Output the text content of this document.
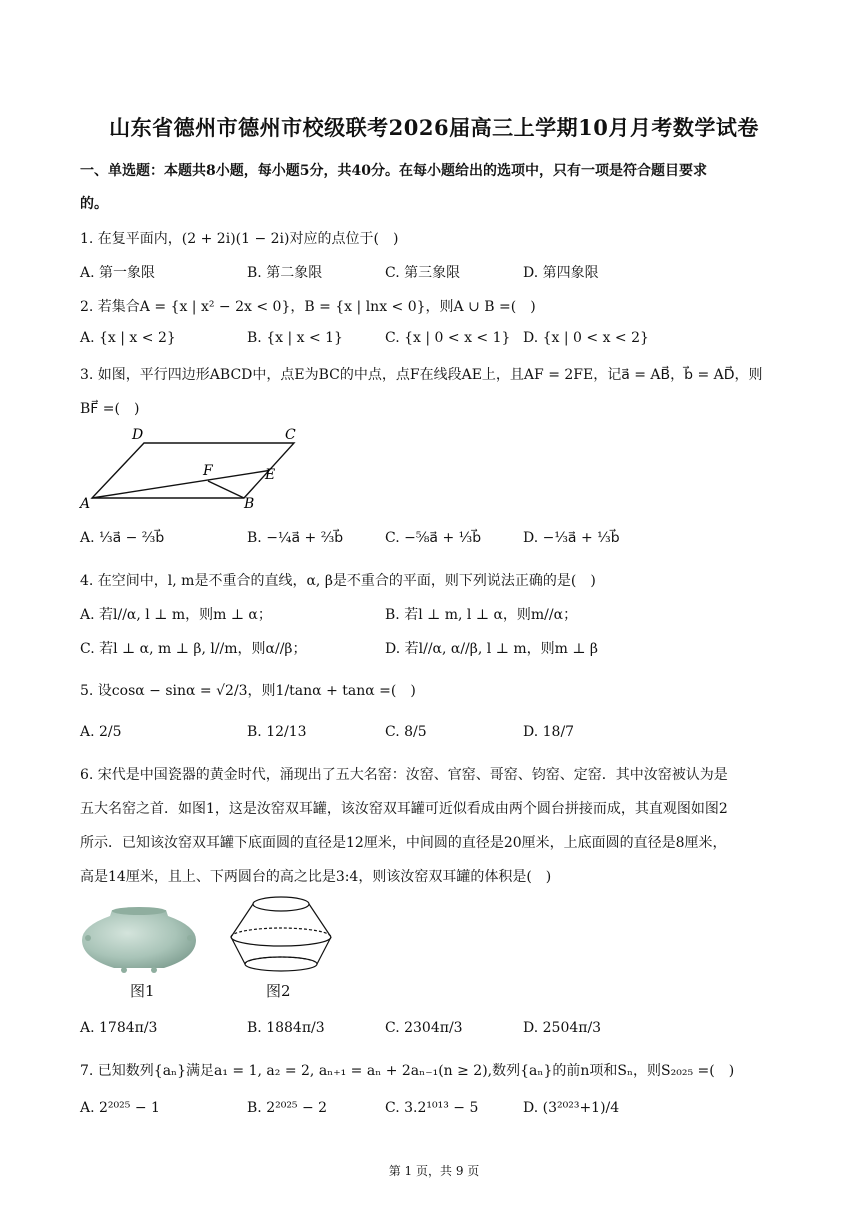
山东省德州市德州市校级联考2026届高三上学期10月月考数学试卷
一、单选题：本题共8小题，每小题5分，共40分。在每小题给出的选项中，只有一项是符合题目要求
的。
1. 在复平面内，(2 + 2i)(1 − 2i)对应的点位于(　)
A. 第一象限	B. 第二象限	C. 第三象限	D. 第四象限
2. 若集合A = {x | x² − 2x < 0}，B = {x | lnx < 0}，则A ∪ B =(　)
A. {x | x < 2}	B. {x | x < 1}	C. {x | 0 < x < 1} D. {x | 0 < x < 2}
3. 如图，平行四边形ABCD中，点E为BC的中点，点F在线段AE上，且AF = 2FE，记a⃗ = AB⃗，b⃗ = AD⃗，则
BF⃗ =(　)
D	C
F	E
A	B
A. ⅓a⃗ − ⅔b⃗	B. −¼a⃗ + ⅔b⃗	C. −⅝a⃗ + ⅓b⃗	D. −⅓a⃗ + ⅓b⃗
4. 在空间中，l, m是不重合的直线，α, β是不重合的平面，则下列说法正确的是(　)
A. 若l//α, l ⊥ m，则m ⊥ α；	B. 若l ⊥ m, l ⊥ α，则m//α；
C. 若l ⊥ α, m ⊥ β, l//m，则α//β；	D. 若l//α, α//β, l ⊥ m，则m ⊥ β
5. 设cosα − sinα = √2/3，则1/tanα + tanα =(　)
A. 2/5	B. 12/13	C. 8/5	D. 18/7
6. 宋代是中国瓷器的黄金时代，涌现出了五大名窑：汝窑、官窑、哥窑、钧窑、定窑．其中汝窑被认为是
五大名窑之首．如图1，这是汝窑双耳罐，该汝窑双耳罐可近似看成由两个圆台拼接而成，其直观图如图2
所示．已知该汝窑双耳罐下底面圆的直径是12厘米，中间圆的直径是20厘米，上底面圆的直径是8厘米，
高是14厘米，且上、下两圆台的高之比是3:4，则该汝窑双耳罐的体积是(　)
图1	图2
A. 1784π/3	B. 1884π/3	C. 2304π/3	D. 2504π/3
7. 已知数列{aₙ}满足a₁ = 1, a₂ = 2, aₙ₊₁ = aₙ + 2aₙ₋₁(n ≥ 2),数列{aₙ}的前n项和Sₙ，则S₂₀₂₅ =(　)
A. 2²⁰²⁵ − 1	B. 2²⁰²⁵ − 2	C. 3.2¹⁰¹³ − 5	D. (3²⁰²³+1)/4
第 1 页，共 9 页
